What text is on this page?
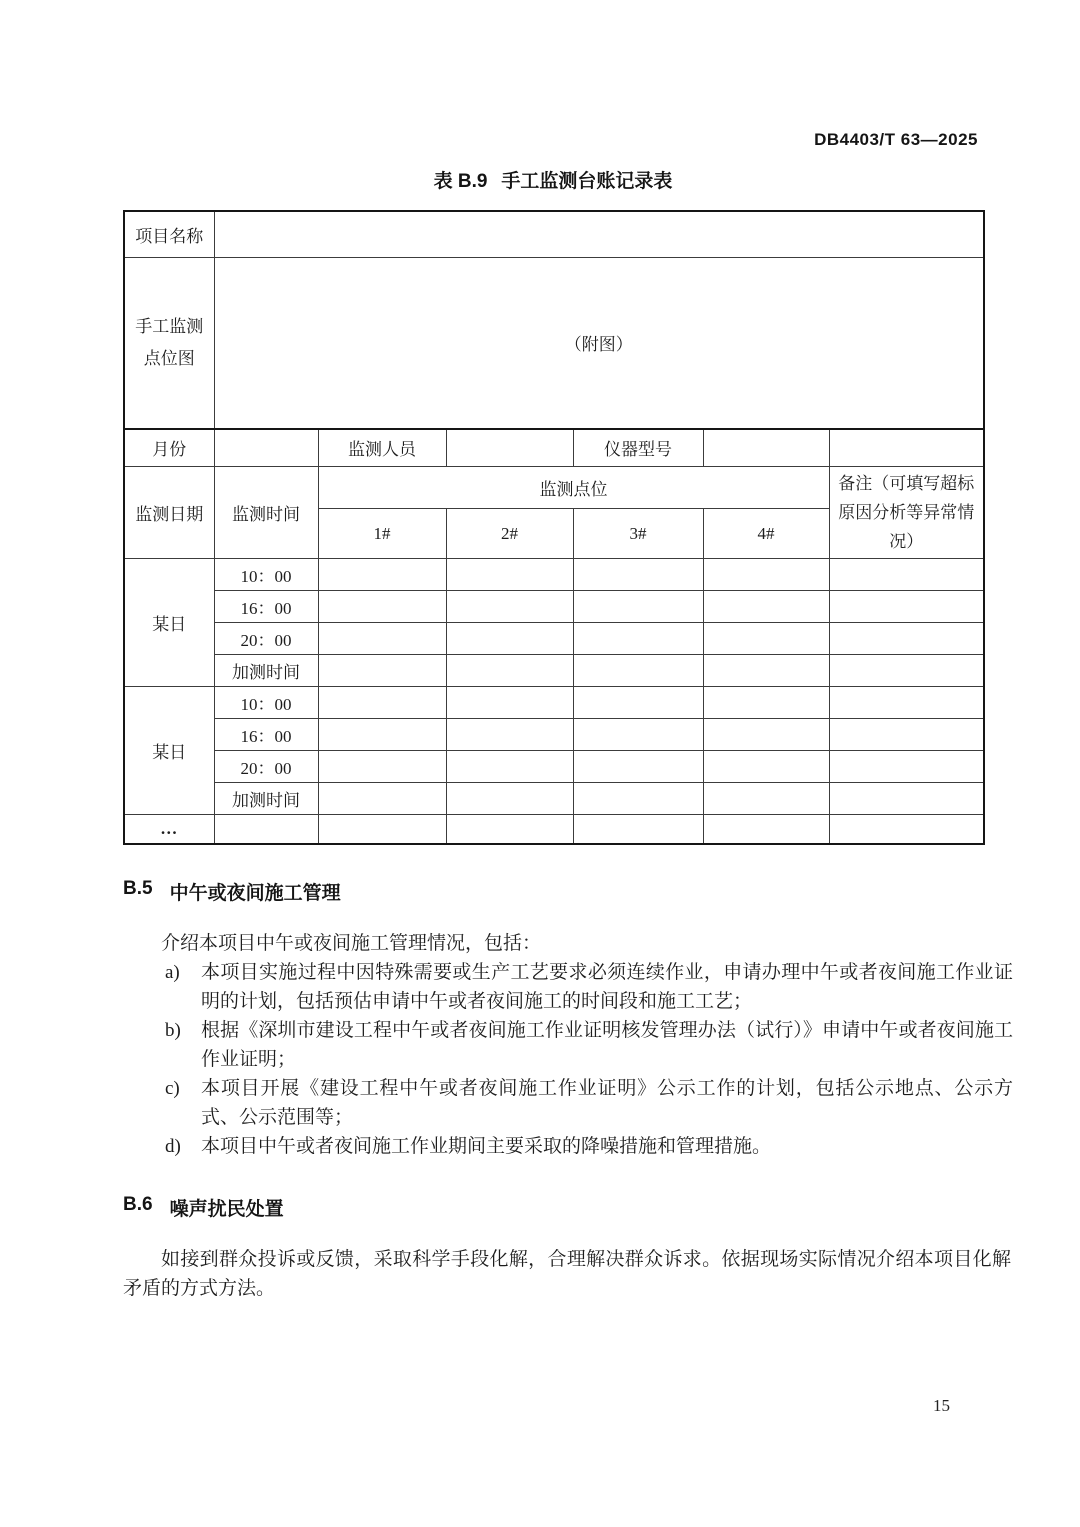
DB4403/T 63—2025
表 B.9 手工监测台账记录表
项目名称						
手工监测点位图	（附图）					
月份		监测人员		仪器型号		
监测日期	监测时间	监测点位				备注（可填写超标原因分析等异常情况）
		1#	2#	3#	4#	
某日	10：00					
	16：00					
	20：00					
	加测时间					
某日	10：00					
	16：00					
	20：00					
	加测时间					
…						
B.5 中午或夜间施工管理
介绍本项目中午或夜间施工管理情况，包括：
a)	本项目实施过程中因特殊需要或生产工艺要求必须连续作业，申请办理中午或者夜间施工作业证明的计划，包括预估申请中午或者夜间施工的时间段和施工工艺；
b)	根据《深圳市建设工程中午或者夜间施工作业证明核发管理办法（试行）》申请中午或者夜间施工作业证明；
c)	本项目开展《建设工程中午或者夜间施工作业证明》公示工作的计划，包括公示地点、公示方式、公示范围等；
d)	本项目中午或者夜间施工作业期间主要采取的降噪措施和管理措施。
B.6 噪声扰民处置
如接到群众投诉或反馈，采取科学手段化解，合理解决群众诉求。依据现场实际情况介绍本项目化解矛盾的方式方法。
15
